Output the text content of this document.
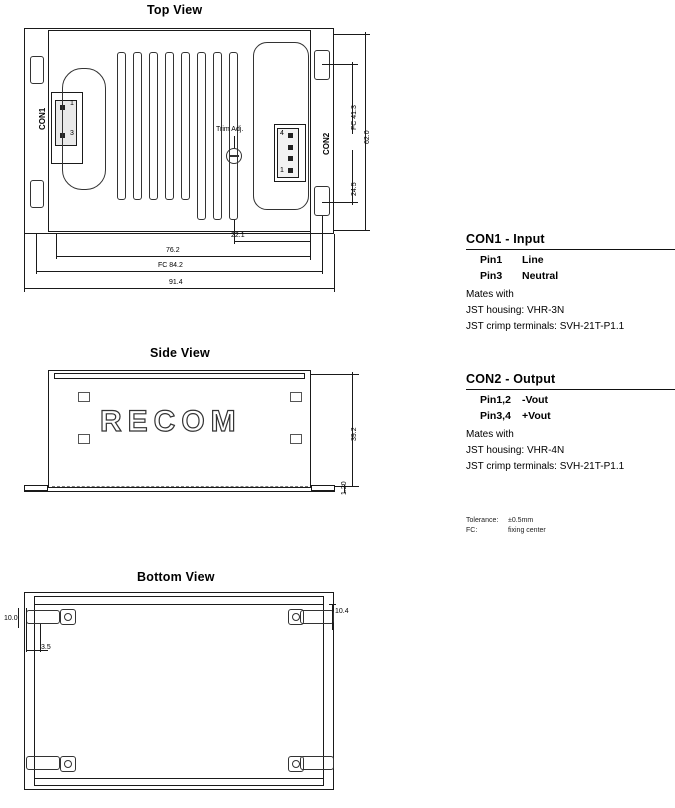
Top View
1
3
CON1
4
1
CON2
Trim Adj.
62.0
FC 41.3
24.5
22.1
76.2
FC 84.2
91.4
Side View
RECOM	39.2
1.20
Bottom View
10.4
10.0
3.5
CON1 - Input
Pin1	Line
Pin3	Neutral
Mates with
JST housing: VHR-3N
JST crimp terminals: SVH-21T-P1.1
CON2 - Output
Pin1,2	-Vout
Pin3,4	+Vout
Mates with
JST housing: VHR-4N
JST crimp terminals: SVH-21T-P1.1
Tolerance:	±0.5mm
FC:	fixing center
